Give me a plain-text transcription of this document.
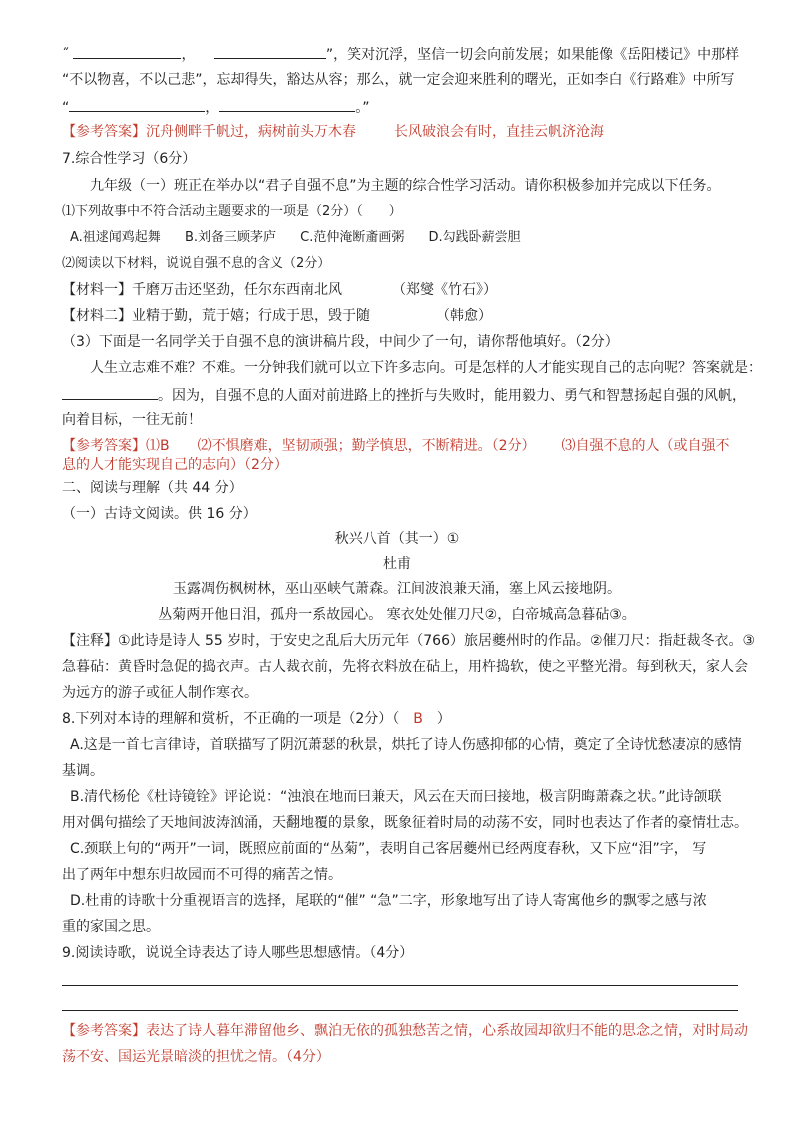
˝	，	”，笑对沉浮，坚信一切会向前发展；如果能像《岳阳楼记》中那样
“不以物喜，不以己悲”，忘却得失，豁达从容；那么，就一定会迎来胜利的曙光，正如李白《行路难》中所写
“	，	。”
【参考答案】沉舟侧畔千帆过，病树前头万木春	长风破浪会有时，直挂云帆济沧海
7.综合性学习（6分）
九年级（一）班正在举办以“君子自强不息”为主题的综合性学习活动。请你积极参加并完成以下任务。
⑴下列故事中不符合活动主题要求的一项是（2分）（　　）
A.祖逑闻鸡起舞 B.刘备三顾茅庐 C.范仲淹断齑画粥 D.勾践卧薪尝胆
⑵阅读以下材料，说说自强不息的含义（2分）
【材料一】千磨万击还坚劲，任尔东西南北风	（郑燮《竹石》）
【材料二】业精于勤，荒于嬉；行成于思，毁于随	（韩愈）
（3）下面是一名同学关于自强不息的演讲稿片段，中间少了一句，请你帮他填好。（2分）
人生立志难不难？不难。一分钟我们就可以立下许多志向。可是怎样的人才能实现自己的志向呢？答案就是：
。因为，自强不息的人面对前进路上的挫折与失败时，能用毅力、勇气和智慧扬起自强的风帆，
向着目标，一往无前！
【参考答案】⑴B ⑵不惧磨难，坚韧顽强；勤学慎思，不断精进。（2分） ⑶自强不息的人（或自强不
息的人才能实现自己的志向）（2分）
二、阅读与理解（共 44 分）
（一）古诗文阅读。供 16 分）
秋兴八首（其一）①
杜甫
玉露凋伤枫树林，巫山巫峡气萧森。江间波浪兼天涌，塞上风云接地阴。
丛菊两开他日泪，孤舟一系故园心。 寒衣处处催刀尺②，白帝城高急暮砧③。
【注释】①此诗是诗人 55 岁时，于安史之乱后大历元年（766）旅居夔州时的作品。②催刀尺：指赶裁冬衣。③
急暮砧：黄昏时急促的捣衣声。古人裁衣前，先将衣料放在砧上，用杵捣软，使之平整光滑。每到秋天，家人会
为远方的游子或征人制作寒衣。
8.下列对本诗的理解和赏析，不正确的一项是（2分）（ B ）
A.这是一首七言律诗，首联描写了阴沉萧瑟的秋景，烘托了诗人伤感抑郁的心情，奠定了全诗忧愁凄凉的感情
基调。
B.清代杨伦《杜诗镜铨》评论说：“浊浪在地而曰兼天，风云在天而曰接地，极言阴晦萧森之状。”此诗颌联
用对偶句描绘了天地间波涛汹涌，天翻地覆的景象，既象征着时局的动荡不安，同时也表达了作者的豪情壮志。
C.颈联上句的“两开”一词，既照应前面的“丛菊”，表明自己客居夔州已经两度春秋，又下应“泪”字， 写
出了两年中想东归故园而不可得的痛苦之情。
D.杜甫的诗歌十分重视语言的选择，尾联的“催” “急”二字，形象地写出了诗人寄寓他乡的飘零之感与浓
重的家国之思。
9.阅读诗歌，说说全诗表达了诗人哪些思想感情。（4分）
【参考答案】表达了诗人暮年滞留他乡、飘泊无依的孤独愁苦之情，心系故园却欲归不能的思念之情，对时局动
荡不安、国运光景暗淡的担忧之情。（4分）
